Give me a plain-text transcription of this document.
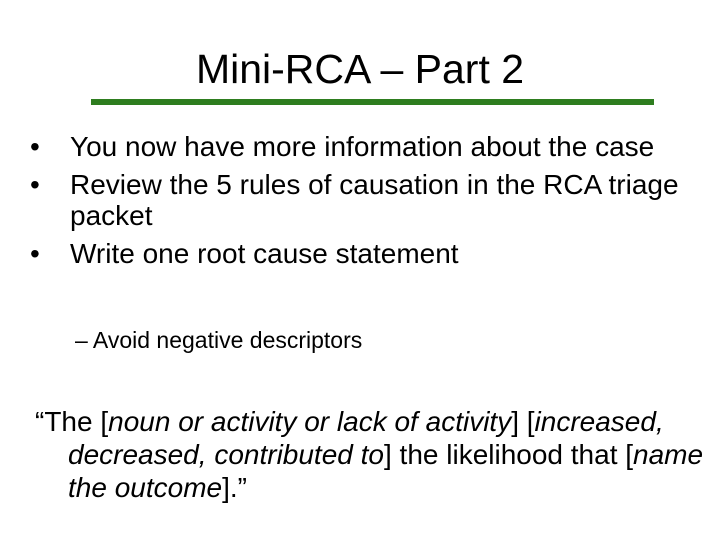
Mini-RCA – Part 2
• You now have more information about the case
• Review the 5 rules of causation in the RCA triage packet
• Write one root cause statement
– Avoid negative descriptors
“The [noun or activity or lack of activity] [increased, decreased, contributed to] the likelihood that [name the outcome].”
